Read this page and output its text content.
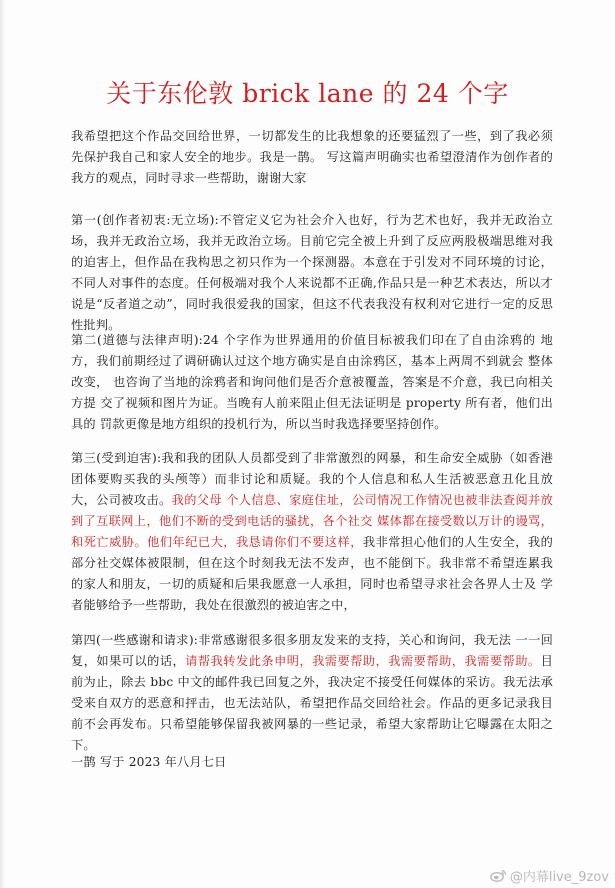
关于东伦敦 brick lane 的 24 个字

我希望把这个作品交回给世界，一切都发生的比我想象的还要猛烈了一些，到了我必须先保护我自己和家人安全的地步。我是一鹊。 写这篇声明确实也希望澄清作为创作者的我方的观点，同时寻求一些帮助，谢谢大家

第一(创作者初衷:无立场):不管定义它为社会介入也好，行为艺术也好，我并无政治立场，我并无政治立场，我并无政治立场。目前它完全被上升到了反应两股极端思维对我的迫害上，但作品在我构思之初只作为一个探测器。本意在于引发对不同环境的讨论，不同人对事件的态度。任何极端对我个人来说都不正确,作品只是一种艺术表达，所以才说是“反者道之动”，同时我很爱我的国家，但这不代表我没有权利对它进行一定的反思性批判。

第二(道德与法律声明):24 个字作为世界通用的价值目标被我们印在了自由涂鸦的 地方，我们前期经过了调研确认过这个地方确实是自由涂鸦区，基本上两周不到就会 整体改变， 也咨询了当地的涂鸦者和询问他们是否介意被覆盖，答案是不介意，我已向相关方提 交了视频和图片为证。当晚有人前来阻止但无法证明是 property 所有者，他们出具的 罚款更像是地方组织的投机行为，所以当时我选择要坚持创作。

第三(受到迫害):我和我的团队人员都受到了非常激烈的网暴，和生命安全威胁（如香港团体要购买我的头颅等）而非讨论和质疑。我的个人信息和私人生活被恶意丑化且放大，公司被攻击。我的父母 个人信息、家庭住址，公司情况工作情况也被非法查阅并放到了互联网上，他们不断的受到电话的骚扰，各个社交 媒体都在接受数以万计的谩骂，和死亡威胁。他们年纪已大，我恳请你们不要这样，我非常担心他们的人生安全，我的部分社交媒体被限制，但在这个时刻我无法不发声，也不能倒下。我非常不希望连累我的家人和朋友，一切的质疑和后果我愿意一人承担，同时也希望寻求社会各界人士及 学者能够给予一些帮助，我处在很激烈的被迫害之中，

第四(一些感谢和请求):非常感谢很多很多朋友发来的支持，关心和询问，我无法 一一回复，如果可以的话，请帮我转发此条申明，我需要帮助，我需要帮助，我需要帮助。目前为止，除去 bbc 中文的邮件我已回复之外，我决定不接受任何媒体的采访。我无法承受来自双方的恶意和抨击，也无法站队，希望把作品交回给社会。作品的更多记录我目前不会再发布。只希望能够保留我被网暴的一些记录，希望大家帮助让它曝露在太阳之下。

一鹊 写于 2023 年八月七日
@内幕live_9zov
